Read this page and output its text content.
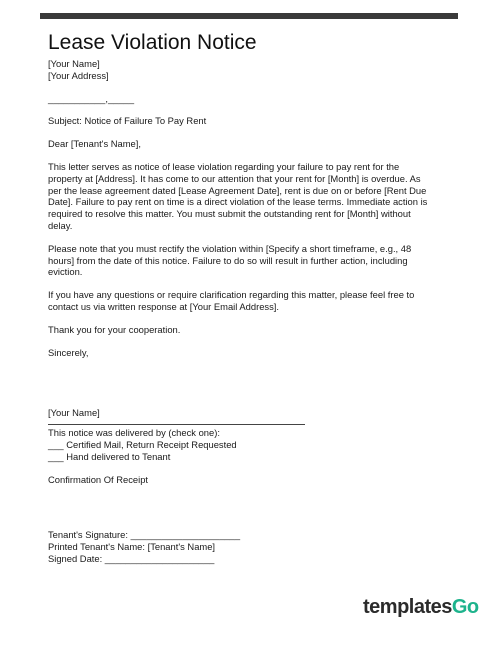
Lease Violation Notice

[Your Name]

[Your Address]

___________,_____

Subject: Notice of Failure To Pay Rent

Dear [Tenant's Name],

This letter serves as notice of lease violation regarding your failure to pay rent for the property at [Address]. It has come to our attention that your rent for [Month] is overdue. As per the lease agreement dated [Lease Agreement Date], rent is due on or before [Rent Due Date]. Failure to pay rent on time is a direct violation of the lease terms. Immediate action is required to resolve this matter. You must submit the outstanding rent for [Month] without delay.

Please note that you must rectify the violation within [Specify a short timeframe, e.g., 48 hours] from the date of this notice. Failure to do so will result in further action, including eviction.

If you have any questions or require clarification regarding this matter, please feel free to contact us via written response at [Your Email Address].

Thank you for your cooperation.

Sincerely,

[Your Name]

This notice was delivered by (check one):

___ Certified Mail, Return Receipt Requested

___ Hand delivered to Tenant

Confirmation Of Receipt

Tenant's Signature: _____________________

Printed Tenant's Name: [Tenant's Name]

Signed Date: _____________________

templatesGo
